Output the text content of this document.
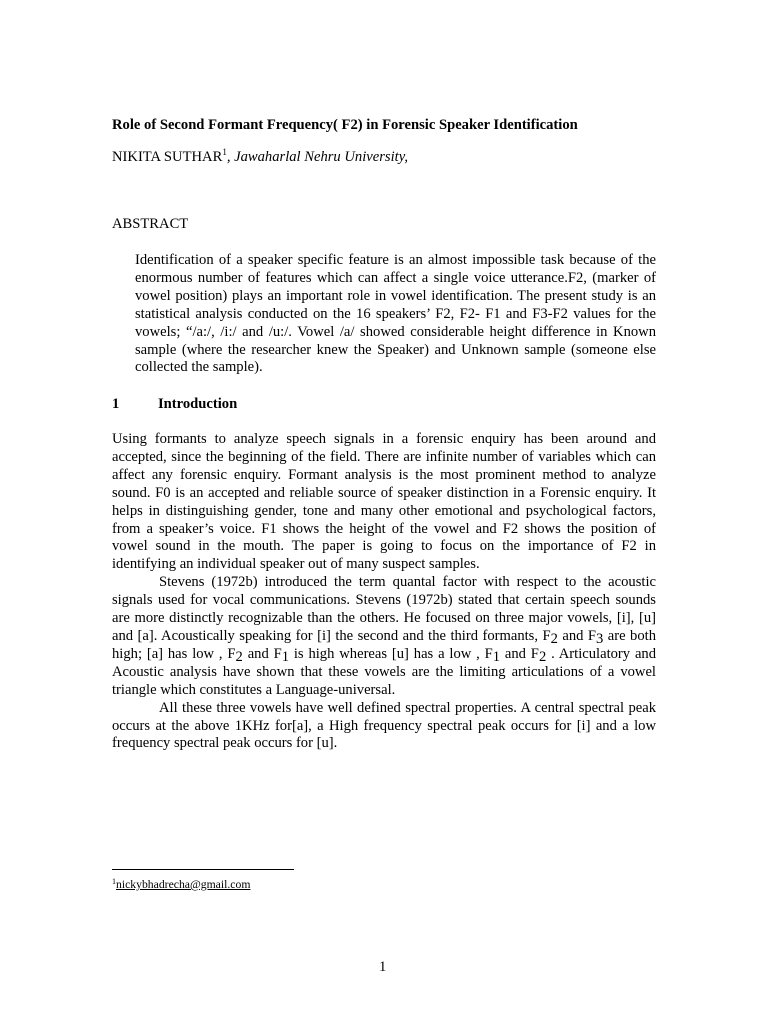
Role of Second Formant Frequency( F2) in Forensic Speaker Identification
NIKITA SUTHAR$^1$, Jawaharlal Nehru University,
ABSTRACT
Identification of a speaker specific feature is an almost impossible task because of the enormous number of features which can affect a single voice utterance.F2, (marker of vowel position) plays an important role in vowel identification. The present study is an statistical analysis conducted on the 16 speakers’ F2, F2- F1 and F3-F2 values for the vowels; “/a:/, /i:/ and /u:/. Vowel /a/ showed considerable height difference in Known sample (where the researcher knew the Speaker) and Unknown sample (someone else collected the sample).
1	Introduction

Using formants to analyze speech signals in a forensic enquiry has been around and accepted, since the beginning of the field. There are infinite number of variables which can affect any forensic enquiry. Formant analysis is the most prominent method to analyze sound. F0 is an accepted and reliable source of speaker distinction in a Forensic enquiry. It helps in distinguishing gender, tone and many other emotional and psychological factors, from a speaker’s voice. F1 shows the height of the vowel and F2 shows the position of vowel sound in the mouth. The paper is going to focus on the importance of F2 in identifying an individual speaker out of many suspect samples.

Stevens (1972b) introduced the term quantal factor with respect to the acoustic signals used for vocal communications. Stevens (1972b) stated that certain speech sounds are more distinctly recognizable than the others. He focused on three major vowels, [i], [u] and [a]. Acoustically speaking for [i] the second and the third formants, $F_2$ and $F_3$ are both high; [a] has low , $F_2$ and $F_1$ is high whereas [u] has a low , $F_1$ and $F_2$ . Articulatory and Acoustic analysis have shown that these vowels are the limiting articulations of a vowel triangle which constitutes a Language-universal.

All these three vowels have well defined spectral properties. A central spectral peak occurs at the above 1KHz for[a], a High frequency spectral peak occurs for [i] and a low frequency spectral peak occurs for [u].

$^1$nickybhadrecha@gmail.com
1
